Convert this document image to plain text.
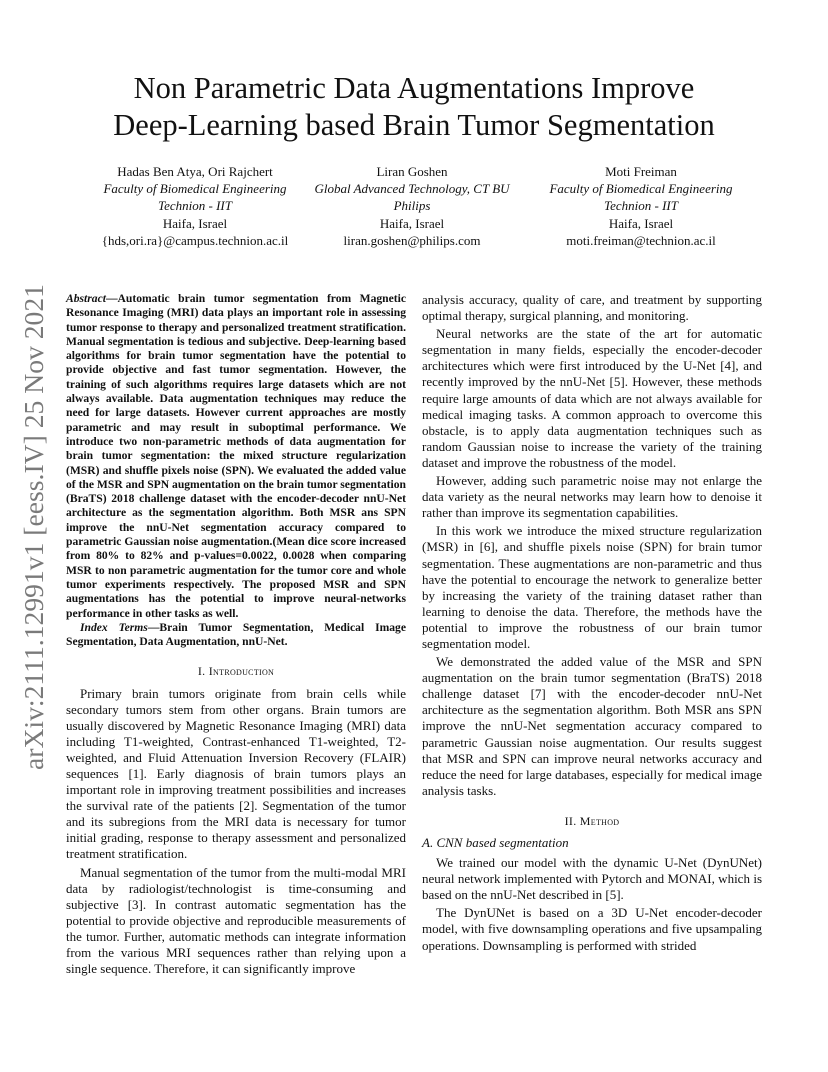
arXiv:2111.12991v1 [eess.IV] 25 Nov 2021
Non Parametric Data Augmentations Improve
Deep-Learning based Brain Tumor Segmentation
Hadas Ben Atya, Ori Rajchert
Faculty of Biomedical Engineering
Technion - IIT
Haifa, Israel
{hds,ori.ra}@campus.technion.ac.il
Liran Goshen
Global Advanced Technology, CT BU
Philips
Haifa, Israel
liran.goshen@philips.com
Moti Freiman
Faculty of Biomedical Engineering
Technion - IIT
Haifa, Israel
moti.freiman@technion.ac.il

Abstract—Automatic brain tumor segmentation from Magnetic Resonance Imaging (MRI) data plays an important role in assessing tumor response to therapy and personalized treatment stratification. Manual segmentation is tedious and subjective. Deep-learning based algorithms for brain tumor segmentation have the potential to provide objective and fast tumor segmentation. However, the training of such algorithms requires large datasets which are not always available. Data augmentation techniques may reduce the need for large datasets. However current approaches are mostly parametric and may result in suboptimal performance. We introduce two non-parametric methods of data augmentation for brain tumor segmentation: the mixed structure regularization (MSR) and shuffle pixels noise (SPN). We evaluated the added value of the MSR and SPN augmentation on the brain tumor segmentation (BraTS) 2018 challenge dataset with the encoder-decoder nnU-Net architecture as the segmentation algorithm. Both MSR ans SPN improve the nnU-Net segmentation accuracy compared to parametric Gaussian noise augmentation.(Mean dice score increased from 80% to 82% and p-values=0.0022, 0.0028 when comparing MSR to non parametric augmentation for the tumor core and whole tumor experiments respectively. The proposed MSR and SPN augmentations has the potential to improve neural-networks performance in other tasks as well.

Index Terms—Brain Tumor Segmentation, Medical Image Segmentation, Data Augmentation, nnU-Net.

I. Introduction

Primary brain tumors originate from brain cells while secondary tumors stem from other organs. Brain tumors are usually discovered by Magnetic Resonance Imaging (MRI) data including T1-weighted, Contrast-enhanced T1-weighted, T2-weighted, and Fluid Attenuation Inversion Recovery (FLAIR) sequences [1]. Early diagnosis of brain tumors plays an important role in improving treatment possibilities and increases the survival rate of the patients [2]. Segmentation of the tumor and its subregions from the MRI data is necessary for tumor initial grading, response to therapy assessment and personalized treatment stratification.

Manual segmentation of the tumor from the multi-modal MRI data by radiologist/technologist is time-consuming and subjective [3]. In contrast automatic segmentation has the potential to provide objective and reproducible measurements of the tumor. Further, automatic methods can integrate information from the various MRI sequences rather than relying upon a single sequence. Therefore, it can significantly improve

analysis accuracy, quality of care, and treatment by supporting optimal therapy, surgical planning, and monitoring.

Neural networks are the state of the art for automatic segmentation in many fields, especially the encoder-decoder architectures which were first introduced by the U-Net [4], and recently improved by the nnU-Net [5]. However, these methods require large amounts of data which are not always available for medical imaging tasks. A common approach to overcome this obstacle, is to apply data augmentation techniques such as random Gaussian noise to increase the variety of the training dataset and improve the robustness of the model.

However, adding such parametric noise may not enlarge the data variety as the neural networks may learn how to denoise it rather than improve its segmentation capabilities.

In this work we introduce the mixed structure regularization (MSR) in [6], and shuffle pixels noise (SPN) for brain tumor segmentation. These augmentations are non-parametric and thus have the potential to encourage the network to generalize better by increasing the variety of the training dataset rather than learning to denoise the data. Therefore, the methods have the potential to improve the robustness of our brain tumor segmentation model.

We demonstrated the added value of the MSR and SPN augmentation on the brain tumor segmentation (BraTS) 2018 challenge dataset [7] with the encoder-decoder nnU-Net architecture as the segmentation algorithm. Both MSR ans SPN improve the nnU-Net segmentation accuracy compared to parametric Gaussian noise augmentation. Our results suggest that MSR and SPN can improve neural networks accuracy and reduce the need for large databases, especially for medical image analysis tasks.

II. Method
A. CNN based segmentation

We trained our model with the dynamic U-Net (DynUNet) neural network implemented with Pytorch and MONAI, which is based on the nnU-Net described in [5].

The DynUNet is based on a 3D U-Net encoder-decoder model, with five downsampling operations and five upsampaling operations. Downsampling is performed with strided
